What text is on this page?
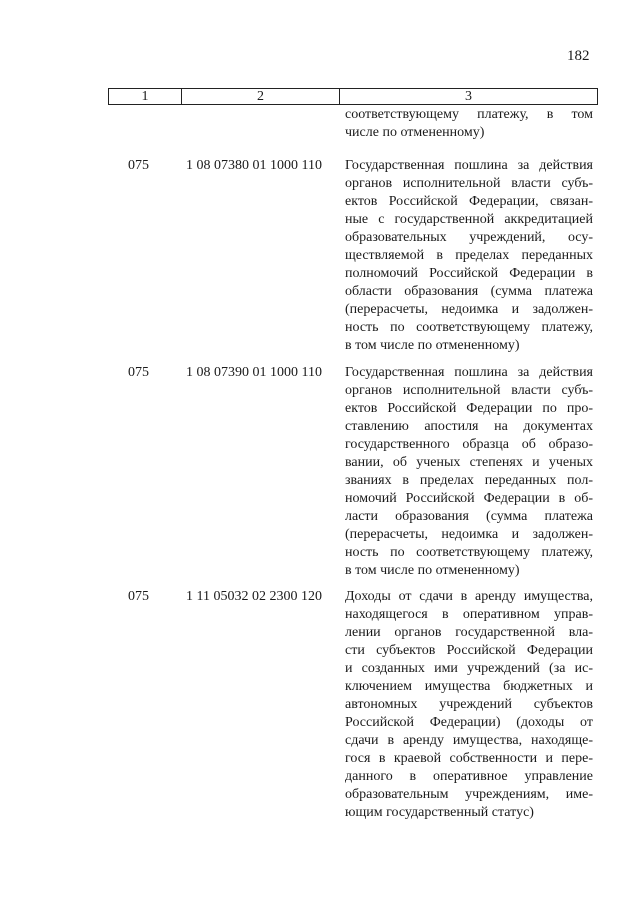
182
1	2	3
соответствующему платежу, в том
числе по отмененному)
075	1 08 07380 01 1000 110	Государственная пошлина за действия
органов исполнительной власти субъ-
ектов Российской Федерации, связан-
ные с государственной аккредитацией
образовательных учреждений, осу-
ществляемой в пределах переданных
полномочий Российской Федерации в
области образования (сумма платежа
(перерасчеты, недоимка и задолжен-
ность по соответствующему платежу,
в том числе по отмененному)
075	1 08 07390 01 1000 110	Государственная пошлина за действия
органов исполнительной власти субъ-
ектов Российской Федерации по про-
ставлению апостиля на документах
государственного образца об образо-
вании, об ученых степенях и ученых
званиях в пределах переданных пол-
номочий Российской Федерации в об-
ласти образования (сумма платежа
(перерасчеты, недоимка и задолжен-
ность по соответствующему платежу,
в том числе по отмененному)
075	1 11 05032 02 2300 120	Доходы от сдачи в аренду имущества,
находящегося в оперативном управ-
лении органов государственной вла-
сти субъектов Российской Федерации
и созданных ими учреждений (за ис-
ключением имущества бюджетных и
автономных учреждений субъектов
Российской Федерации) (доходы от
сдачи в аренду имущества, находяще-
гося в краевой собственности и пере-
данного в оперативное управление
образовательным учреждениям, име-
ющим государственный статус)
